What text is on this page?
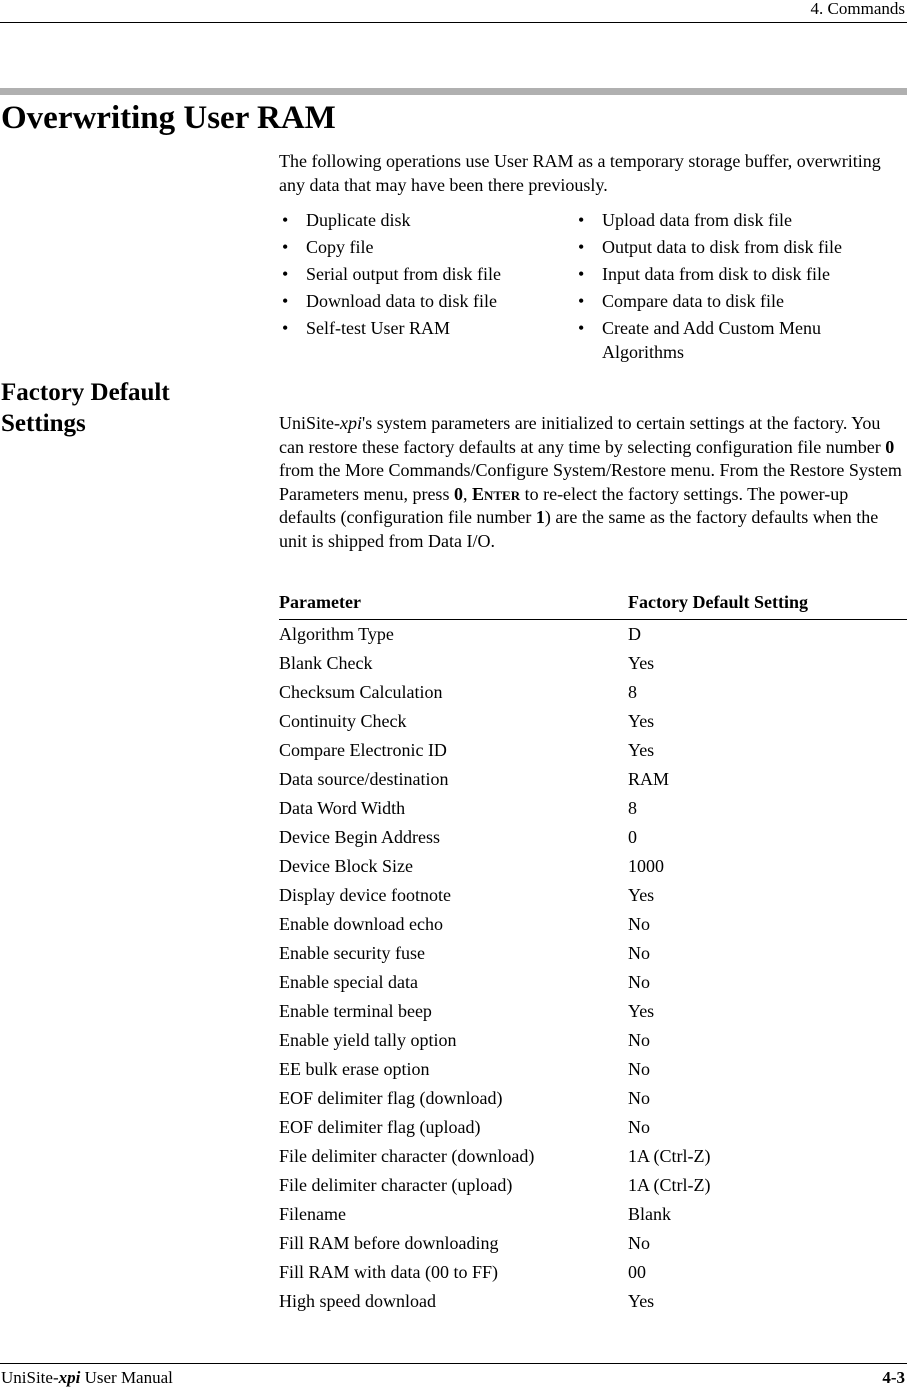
4. Commands
Overwriting User RAM
The following operations use User RAM as a temporary storage buffer, overwriting any data that may have been there previously.
• Duplicate disk
• Copy file
• Serial output from disk file
• Download data to disk file
• Self-test User RAM
• Upload data from disk file
• Output data to disk from disk file
• Input data from disk to disk file
• Compare data to disk file
• Create and Add Custom Menu Algorithms
Factory Default Settings	UniSite-xpi's system parameters are initialized to certain settings at the factory. You can restore these factory defaults at any time by selecting configuration file number 0 from the More Commands/Configure System/Restore menu. From the Restore System Parameters menu, press 0, Enter to re-elect the factory settings. The power-up defaults (configuration file number 1) are the same as the factory defaults when the unit is shipped from Data I/O.
Parameter	Factory Default Setting
Algorithm Type	D
Blank Check	Yes
Checksum Calculation	8
Continuity Check	Yes
Compare Electronic ID	Yes
Data source/destination	RAM
Data Word Width	8
Device Begin Address	0
Device Block Size	1000
Display device footnote	Yes
Enable download echo	No
Enable security fuse	No
Enable special data	No
Enable terminal beep	Yes
Enable yield tally option	No
EE bulk erase option	No
EOF delimiter flag (download)	No
EOF delimiter flag (upload)	No
File delimiter character (download)	1A (Ctrl-Z)
File delimiter character (upload)	1A (Ctrl-Z)
Filename	Blank
Fill RAM before downloading	No
Fill RAM with data (00 to FF)	00
High speed download	Yes
UniSite-xpi User Manual	4-3
